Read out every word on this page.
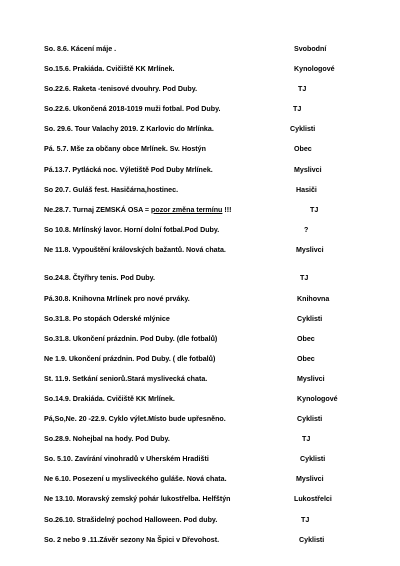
So. 8.6. Kácení máje .	Svobodní
So.15.6. Prakiáda. Cvičiště KK Mrlínek.	Kynologové
So.22.6. Raketa -tenisové dvouhry. Pod Duby.	TJ
So.22.6. Ukončená 2018-1019 muži fotbal. Pod Duby.	TJ
So. 29.6. Tour Valachy 2019. Z Karlovic do Mrlínka.	Cyklisti
Pá. 5.7. Mše za občany obce Mrlínek. Sv. Hostýn	Obec
Pá.13.7. Pytlácká noc. Výletiště Pod Duby Mrlínek.	Myslivci
So 20.7. Guláš fest. Hasičárna,hostinec.	Hasiči
Ne.28.7. Turnaj ZEMSKÁ OSA = pozor změna termínu !!!	TJ
So 10.8. Mrlínský lavor. Horní dolní fotbal.Pod Duby.	?
Ne 11.8. Vypouštění královských bažantů. Nová chata.	Myslivci
So.24.8. Čtyřhry tenis. Pod Duby.	TJ
Pá.30.8. Knihovna Mrlínek pro nové prváky.	Knihovna
So.31.8. Po stopách Oderské mlýnice	Cyklisti
So.31.8. Ukončení prázdnin. Pod Duby. (dle fotbalů)	Obec
Ne 1.9. Ukončení prázdnin. Pod Duby. ( dle fotbalů)	Obec
St. 11.9. Setkání seniorů.Stará myslivecká chata.	Myslivci
So.14.9. Drakiáda. Cvičiště KK Mrlínek.	Kynologové
Pá,So,Ne. 20 -22.9. Cyklo výlet.Místo bude upřesněno.	Cyklisti
So.28.9. Nohejbal na hody. Pod Duby.	TJ
So. 5.10. Zavírání vinohradů v Uherském Hradišti	Cyklisti
Ne 6.10. Posezení u mysliveckého guláše. Nová chata.	Myslivci
Ne 13.10. Moravský zemský pohár lukostřelba. Helfštýn	Lukostřelci
So.26.10. Strašidelný pochod Halloween. Pod duby.	TJ
So. 2 nebo 9 .11.Závěr sezony Na Špici v Dřevohost.	Cyklisti
